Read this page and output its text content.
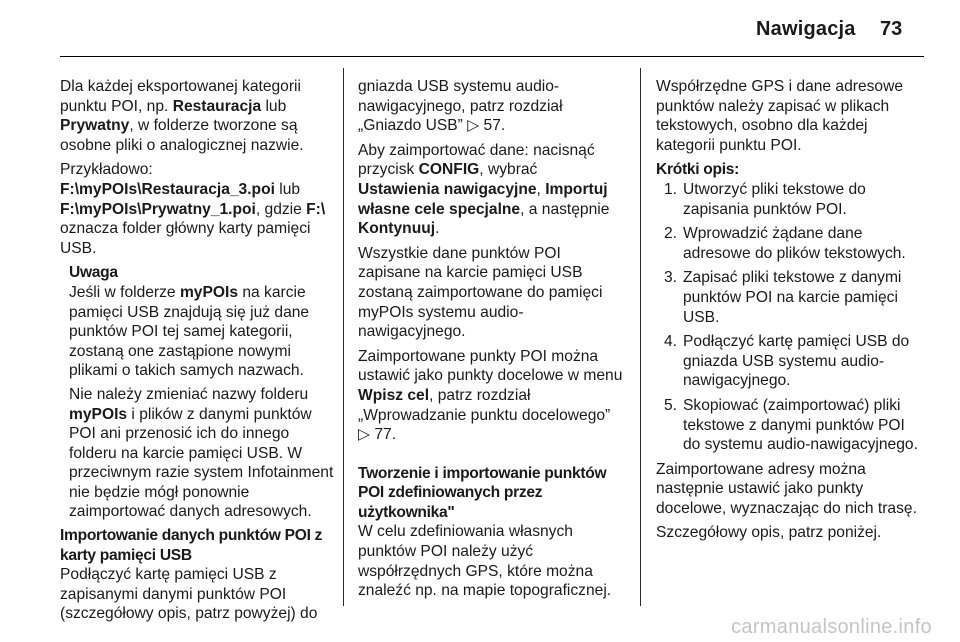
Nawigacja 73

Dla każdej eksportowanej kategorii punktu POI, np. Restauracja lub Prywatny, w folderze tworzone są osobne pliki o analogicznej nazwie.

Przykładowo:
F:\myPOIs\Restauracja_3.poi lub
F:\myPOIs\Prywatny_1.poi, gdzie F:\ oznacza folder główny karty pamięci USB.

Uwaga

Jeśli w folderze myPOIs na karcie pamięci USB znajdują się już dane punktów POI tej samej kategorii, zostaną one zastąpione nowymi plikami o takich samych nazwach.

Nie należy zmieniać nazwy folderu myPOIs i plików z danymi punktów POI ani przenosić ich do innego folderu na karcie pamięci USB. W przeciwnym razie system Infotainment nie będzie mógł ponownie zaimportować danych adresowych.

Importowanie danych punktów POI z karty pamięci USB

Podłączyć kartę pamięci USB z zapisanymi danymi punktów POI (szczegółowy opis, patrz powyżej) do

gniazda USB systemu audio-nawigacyjnego, patrz rozdział „Gniazdo USB” ▷ 57.

Aby zaimportować dane: nacisnąć przycisk CONFIG, wybrać
Ustawienia nawigacyjne, Importuj własne cele specjalne, a następnie Kontynuuj.

Wszystkie dane punktów POI zapisane na karcie pamięci USB zostaną zaimportowane do pamięci myPOIs systemu audio-nawigacyjnego.

Zaimportowane punkty POI można ustawić jako punkty docelowe w menu Wpisz cel, patrz rozdział „Wprowadzanie punktu docelowego”
▷ 77.

Tworzenie i importowanie punktów POI zdefiniowanych przez użytkownika"

W celu zdefiniowania własnych punktów POI należy użyć współrzędnych GPS, które można znaleźć np. na mapie topograficznej.

Współrzędne GPS i dane adresowe punktów należy zapisać w plikach tekstowych, osobno dla każdej kategorii punktu POI.

Krótki opis:
1. Utworzyć pliki tekstowe do zapisania punktów POI.
2. Wprowadzić żądane dane adresowe do plików tekstowych.
3. Zapisać pliki tekstowe z danymi punktów POI na karcie pamięci USB.
4. Podłączyć kartę pamięci USB do gniazda USB systemu audio-nawigacyjnego.
5. Skopiować (zaimportować) pliki tekstowe z danymi punktów POI do systemu audio-nawigacyjnego.

Zaimportowane adresy można następnie ustawić jako punkty docelowe, wyznaczając do nich trasę.

Szczegółowy opis, patrz poniżej.

carmanualsonline.info
